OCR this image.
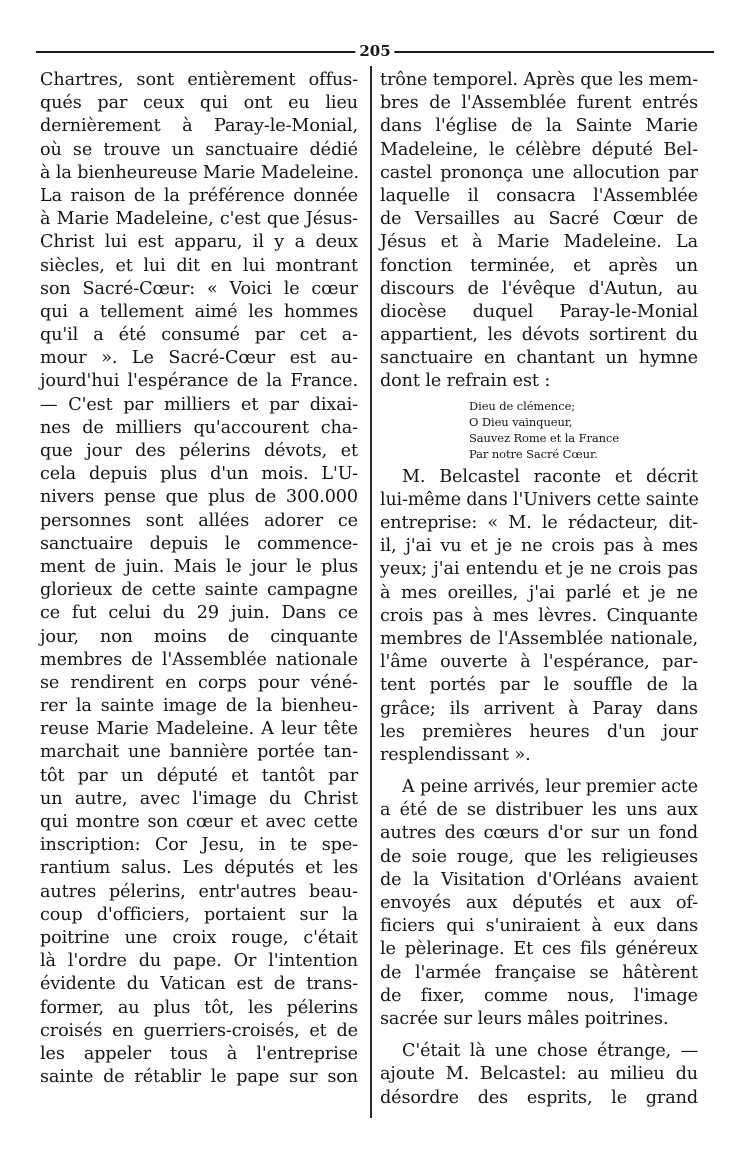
205
Chartres, sont entièrement offus-
qués par ceux qui ont eu lieu
dernièrement à Paray-le-Monial,
où se trouve un sanctuaire dédié
à la bienheureuse Marie Madeleine.
La raison de la préférence donnée
à Marie Madeleine, c'est que Jésus-
Christ lui est apparu, il y a deux
siècles, et lui dit en lui montrant
son Sacré-Cœur: « Voici le cœur
qui a tellement aimé les hommes
qu'il a été consumé par cet a-
mour ». Le Sacré-Cœur est au-
jourd'hui l'espérance de la France.
— C'est par milliers et par dixai-
nes de milliers qu'accourent cha-
que jour des pélerins dévots, et
cela depuis plus d'un mois. L'U-
nivers pense que plus de 300.000
personnes sont allées adorer ce
sanctuaire depuis le commence-
ment de juin. Mais le jour le plus
glorieux de cette sainte campagne
ce fut celui du 29 juin. Dans ce
jour, non moins de cinquante
membres de l'Assemblée nationale
se rendirent en corps pour véné-
rer la sainte image de la bienheu-
reuse Marie Madeleine. A leur tête
marchait une bannière portée tan-
tôt par un député et tantôt par
un autre, avec l'image du Christ
qui montre son cœur et avec cette
inscription: Cor Jesu, in te spe-
rantium salus. Les députés et les
autres pélerins, entr'autres beau-
coup d'officiers, portaient sur la
poitrine une croix rouge, c'était
là l'ordre du pape. Or l'intention
évidente du Vatican est de trans-
former, au plus tôt, les pélerins
croisés en guerriers-croisés, et de
les appeler tous à l'entreprise
sainte de rétablir le pape sur son
trône temporel. Après que les mem-
bres de l'Assemblée furent entrés
dans l'église de la Sainte Marie
Madeleine, le célèbre député Bel-
castel prononça une allocution par
laquelle il consacra l'Assemblée
de Versailles au Sacré Cœur de
Jésus et à Marie Madeleine. La
fonction terminée, et après un
discours de l'évêque d'Autun, au
diocèse duquel Paray-le-Monial
appartient, les dévots sortirent du
sanctuaire en chantant un hymne
dont le refrain est :
Dieu de clémence;
O Dieu vainqueur,
Sauvez Rome et la France
Par notre Sacré Cœur.
M. Belcastel raconte et décrit
lui-même dans l'Univers cette sainte
entreprise: « M. le rédacteur, dit-
il, j'ai vu et je ne crois pas à mes
yeux; j'ai entendu et je ne crois pas
à mes oreilles, j'ai parlé et je ne
crois pas à mes lèvres. Cinquante
membres de l'Assemblée nationale,
l'âme ouverte à l'espérance, par-
tent portés par le souffle de la
grâce; ils arrivent à Paray dans
les premières heures d'un jour
resplendissant ».
A peine arrivés, leur premier acte
a été de se distribuer les uns aux
autres des cœurs d'or sur un fond
de soie rouge, que les religieuses
de la Visitation d'Orléans avaient
envoyés aux députés et aux of-
ficiers qui s'uniraient à eux dans
le pèlerinage. Et ces fils généreux
de l'armée française se hâtèrent
de fixer, comme nous, l'image
sacrée sur leurs mâles poitrines.
C'était là une chose étrange, —
ajoute M. Belcastel: au milieu du
désordre des esprits, le grand
